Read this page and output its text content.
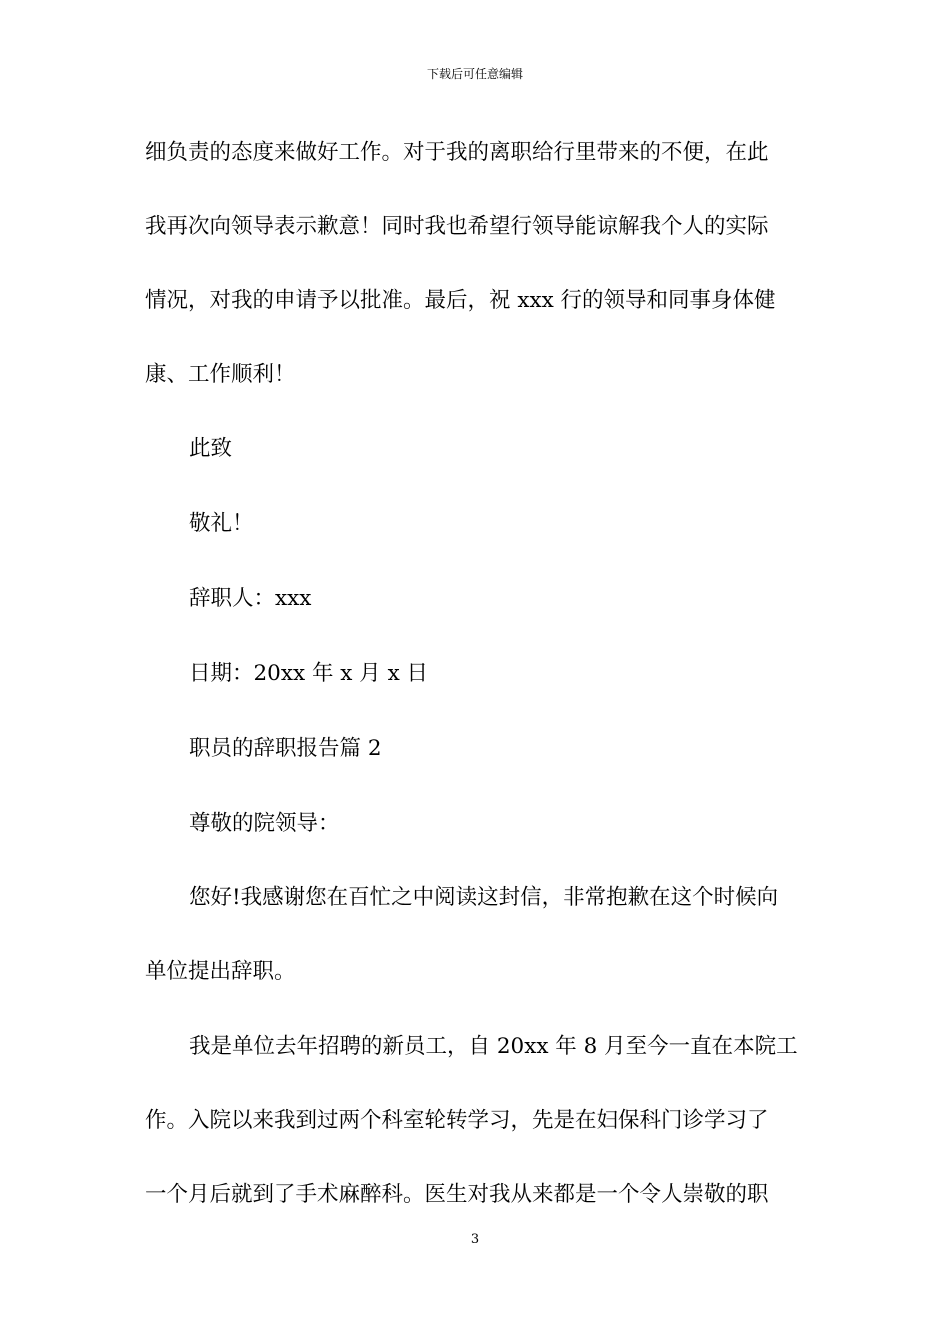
下载后可任意编辑
细负责的态度来做好工作。对于我的离职给行里带来的不便，在此
我再次向领导表示歉意！同时我也希望行领导能谅解我个人的实际
情况，对我的申请予以批准。最后，祝 xxx 行的领导和同事身体健
康、工作顺利！
此致
敬礼！
辞职人：xxx
日期：20xx 年 x 月 x 日
职员的辞职报告篇 2
尊敬的院领导：
您好!我感谢您在百忙之中阅读这封信，非常抱歉在这个时候向
单位提出辞职。
我是单位去年招聘的新员工，自 20xx 年 8 月至今一直在本院工
作。入院以来我到过两个科室轮转学习，先是在妇保科门诊学习了
一个月后就到了手术麻醉科。医生对我从来都是一个令人崇敬的职
3
